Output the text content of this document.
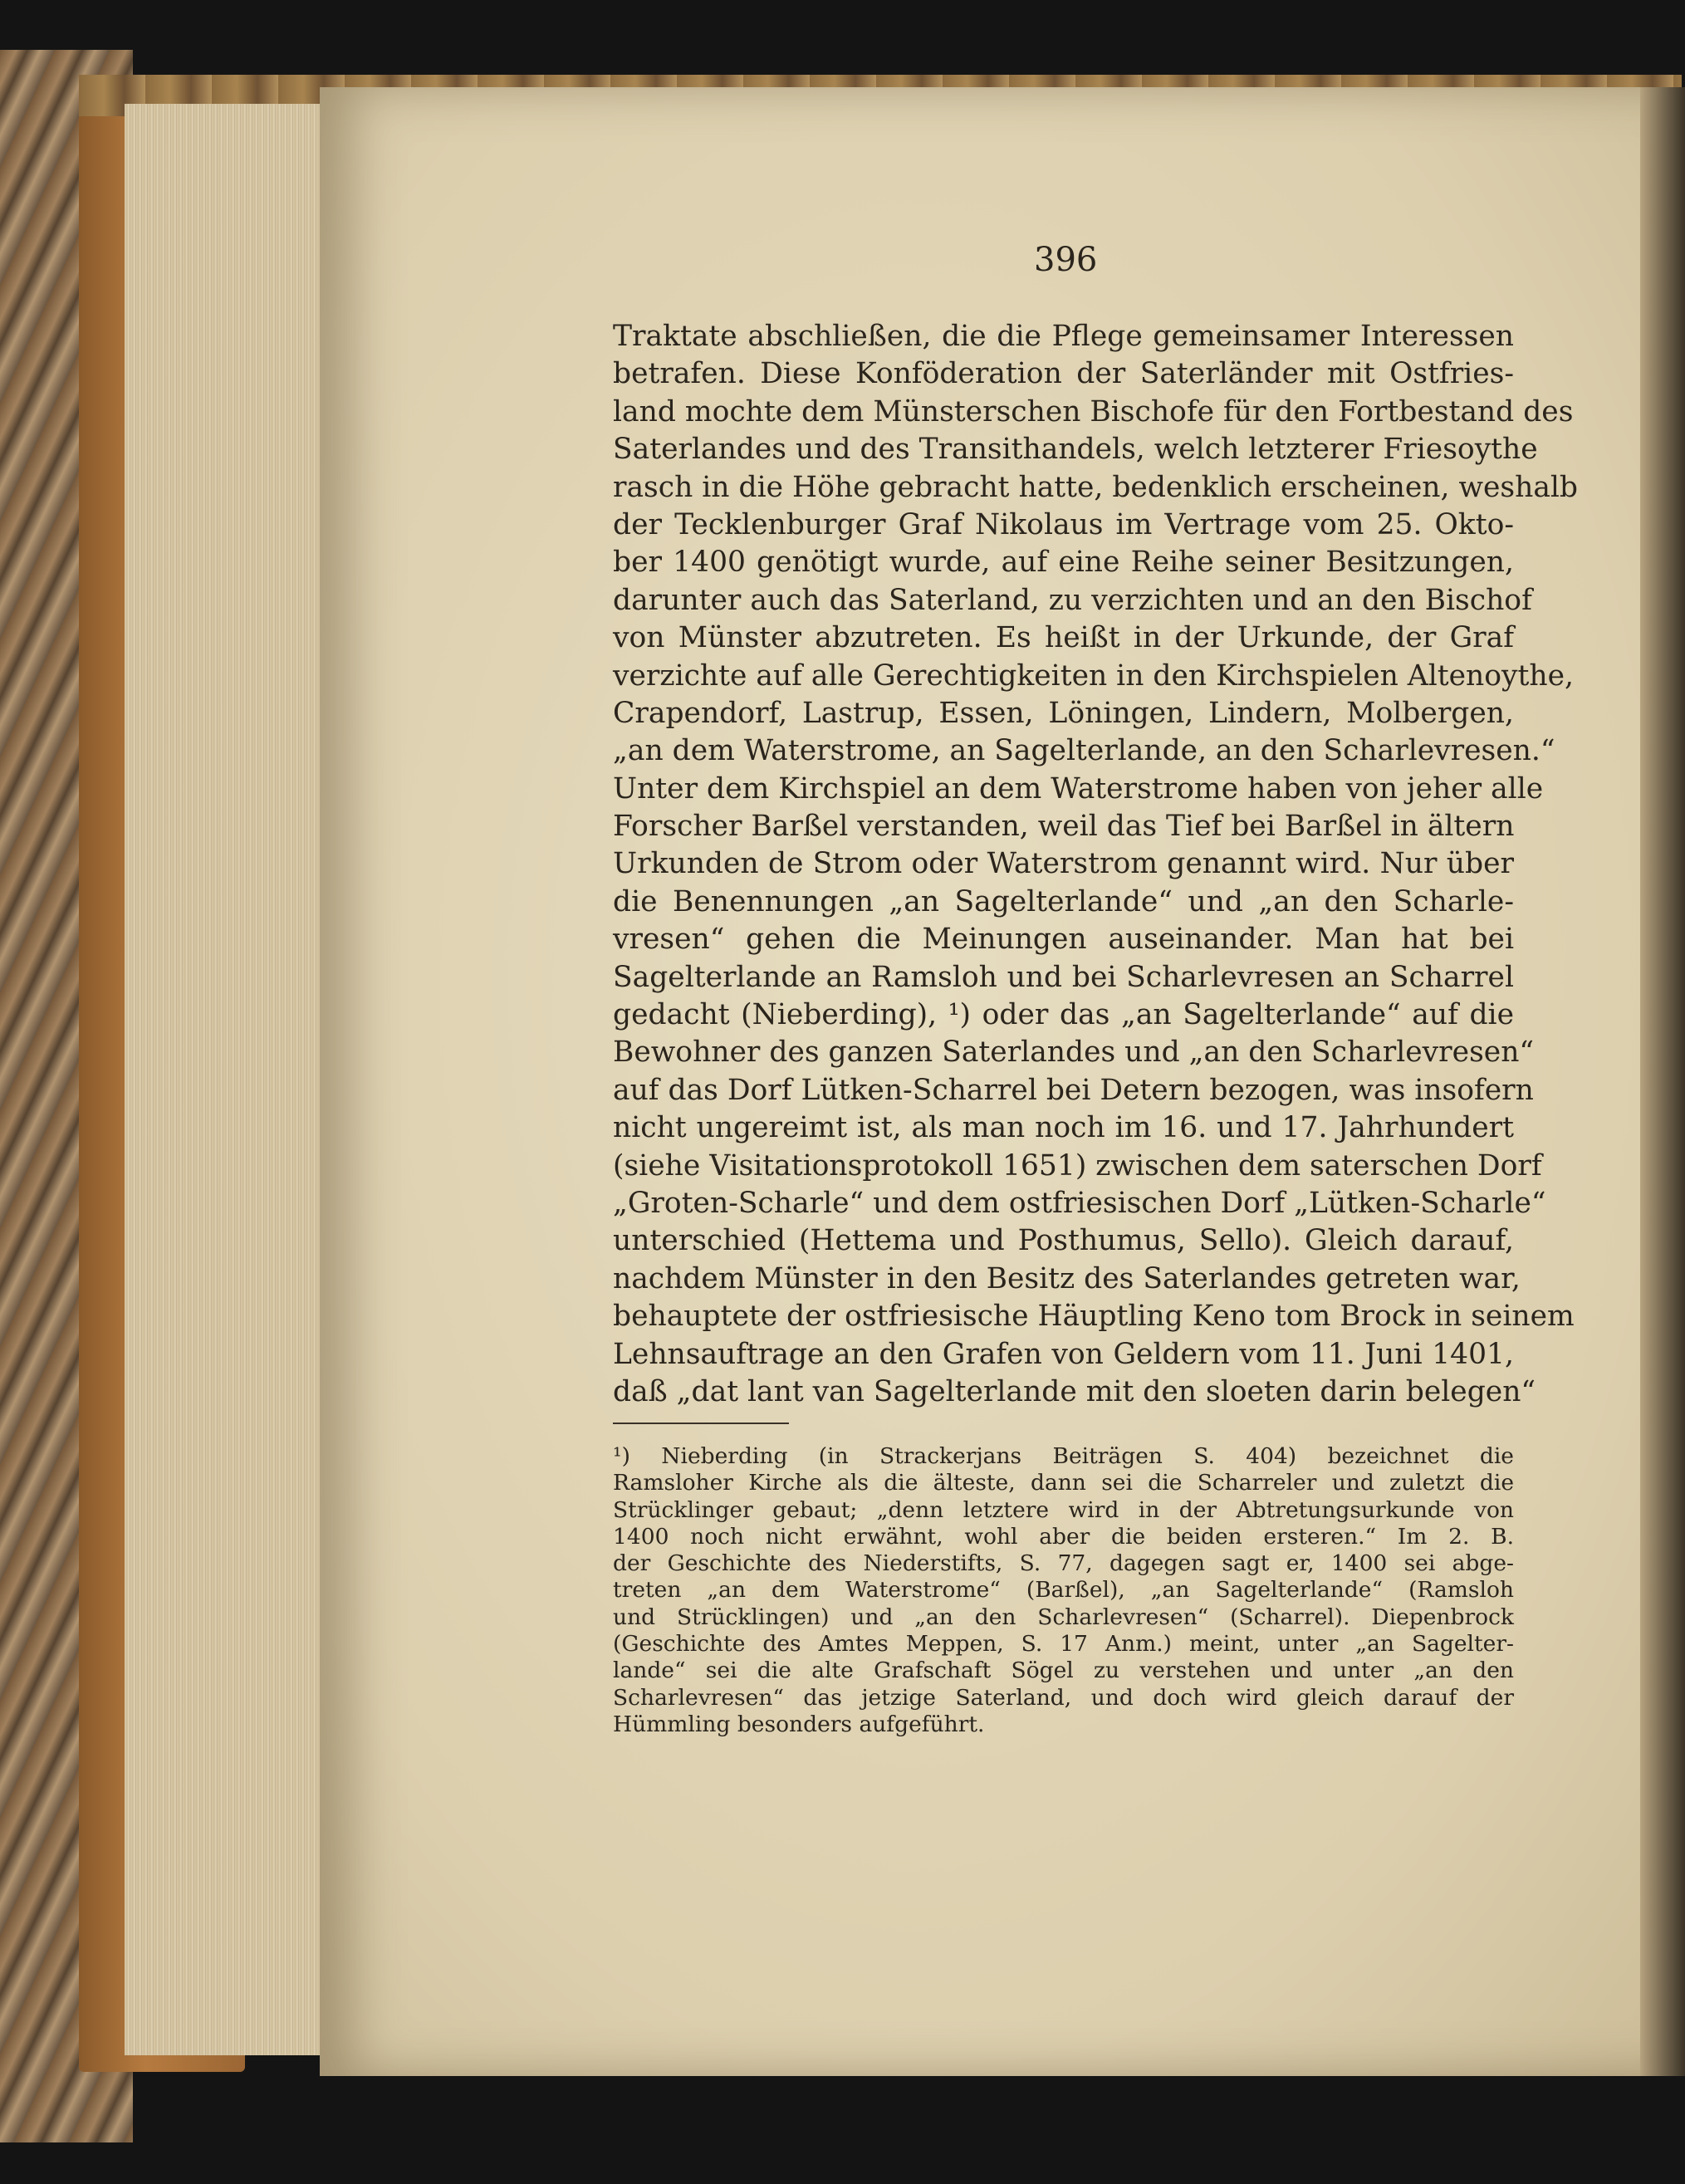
396
Traktate abschließen, die die Pflege gemeinsamer Interessen
betrafen. Diese Konföderation der Saterländer mit Ostfries-
land mochte dem Münsterschen Bischofe für den Fortbestand des
Saterlandes und des Transithandels, welch letzterer Friesoythe
rasch in die Höhe gebracht hatte, bedenklich erscheinen, weshalb
der Tecklenburger Graf Nikolaus im Vertrage vom 25. Okto-
ber 1400 genötigt wurde, auf eine Reihe seiner Besitzungen,
darunter auch das Saterland, zu verzichten und an den Bischof
von Münster abzutreten. Es heißt in der Urkunde, der Graf
verzichte auf alle Gerechtigkeiten in den Kirchspielen Altenoythe,
Crapendorf, Lastrup, Essen, Löningen, Lindern, Molbergen,
„an dem Waterstrome, an Sagelterlande, an den Scharlevresen.“
Unter dem Kirchspiel an dem Waterstrome haben von jeher alle
Forscher Barßel verstanden, weil das Tief bei Barßel in ältern
Urkunden de Strom oder Waterstrom genannt wird. Nur über
die Benennungen „an Sagelterlande“ und „an den Scharle-
vresen“ gehen die Meinungen auseinander. Man hat bei
Sagelterlande an Ramsloh und bei Scharlevresen an Scharrel
gedacht (Nieberding), ¹) oder das „an Sagelterlande“ auf die
Bewohner des ganzen Saterlandes und „an den Scharlevresen“
auf das Dorf Lütken-Scharrel bei Detern bezogen, was insofern
nicht ungereimt ist, als man noch im 16. und 17. Jahrhundert
(siehe Visitationsprotokoll 1651) zwischen dem saterschen Dorf
„Groten-Scharle“ und dem ostfriesischen Dorf „Lütken-Scharle“
unterschied (Hettema und Posthumus, Sello). Gleich darauf,
nachdem Münster in den Besitz des Saterlandes getreten war,
behauptete der ostfriesische Häuptling Keno tom Brock in seinem
Lehnsauftrage an den Grafen von Geldern vom 11. Juni 1401,
daß „dat lant van Sagelterlande mit den sloeten darin belegen“
¹) Nieberding (in Strackerjans Beiträgen S. 404) bezeichnet die
Ramsloher Kirche als die älteste, dann sei die Scharreler und zuletzt die
Strücklinger gebaut; „denn letztere wird in der Abtretungsurkunde von
1400 noch nicht erwähnt, wohl aber die beiden ersteren.“ Im 2. B.
der Geschichte des Niederstifts, S. 77, dagegen sagt er, 1400 sei abge-
treten „an dem Waterstrome“ (Barßel), „an Sagelterlande“ (Ramsloh
und Strücklingen) und „an den Scharlevresen“ (Scharrel). Diepenbrock
(Geschichte des Amtes Meppen, S. 17 Anm.) meint, unter „an Sagelter-
lande“ sei die alte Grafschaft Sögel zu verstehen und unter „an den
Scharlevresen“ das jetzige Saterland, und doch wird gleich darauf der
Hümmling besonders aufgeführt.
